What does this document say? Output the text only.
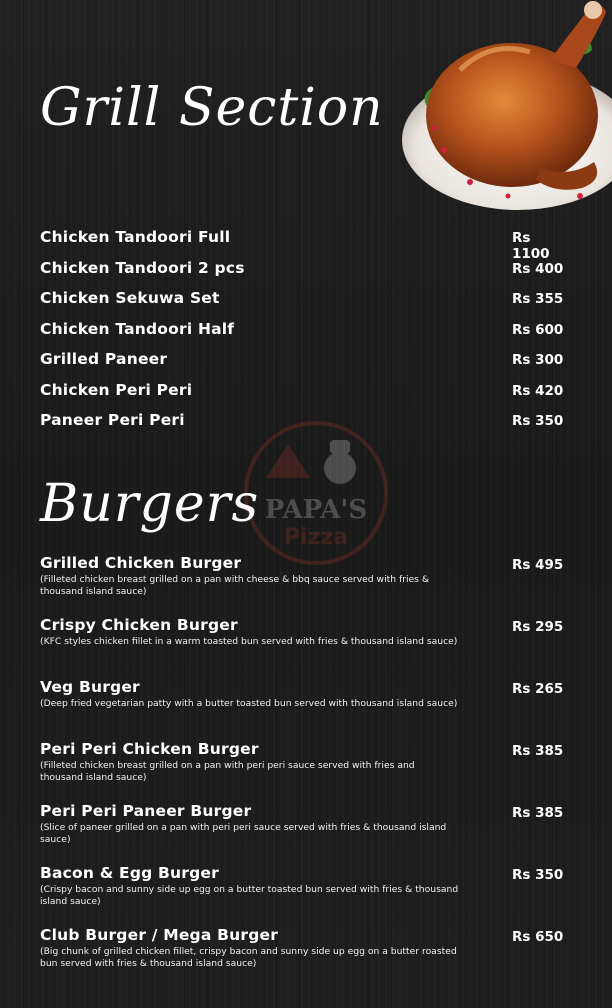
Grill Section
PAPA'S
Pizza
Chicken Tandoori Full	Rs 1100
Chicken Tandoori 2 pcs	Rs 400
Chicken Sekuwa Set	Rs 355
Chicken Tandoori Half	Rs 600
Grilled Paneer	Rs 300
Chicken Peri Peri	Rs 420
Paneer Peri Peri	Rs 350
Burgers
Grilled Chicken Burger	Rs 495
(Filleted chicken breast grilled on a pan with cheese & bbq sauce served with fries & thousand island sauce)
Crispy Chicken Burger	Rs 295
(KFC styles chicken fillet in a warm toasted bun served with fries & thousand island sauce)
Veg Burger	Rs 265
(Deep fried vegetarian patty with a butter toasted bun served with thousand island sauce)
Peri Peri Chicken Burger	Rs 385
(Filleted chicken breast grilled on a pan with peri peri sauce served with fries and thousand island sauce)
Peri Peri Paneer Burger	Rs 385
(Slice of paneer grilled on a pan with peri peri sauce served with fries & thousand island sauce)
Bacon & Egg Burger	Rs 350
(Crispy bacon and sunny side up egg on a butter toasted bun served with fries & thousand island sauce)
Club Burger / Mega Burger	Rs 650
(Big chunk of grilled chicken fillet, crispy bacon and sunny side up egg on a butter roasted bun served with fries & thousand island sauce)
